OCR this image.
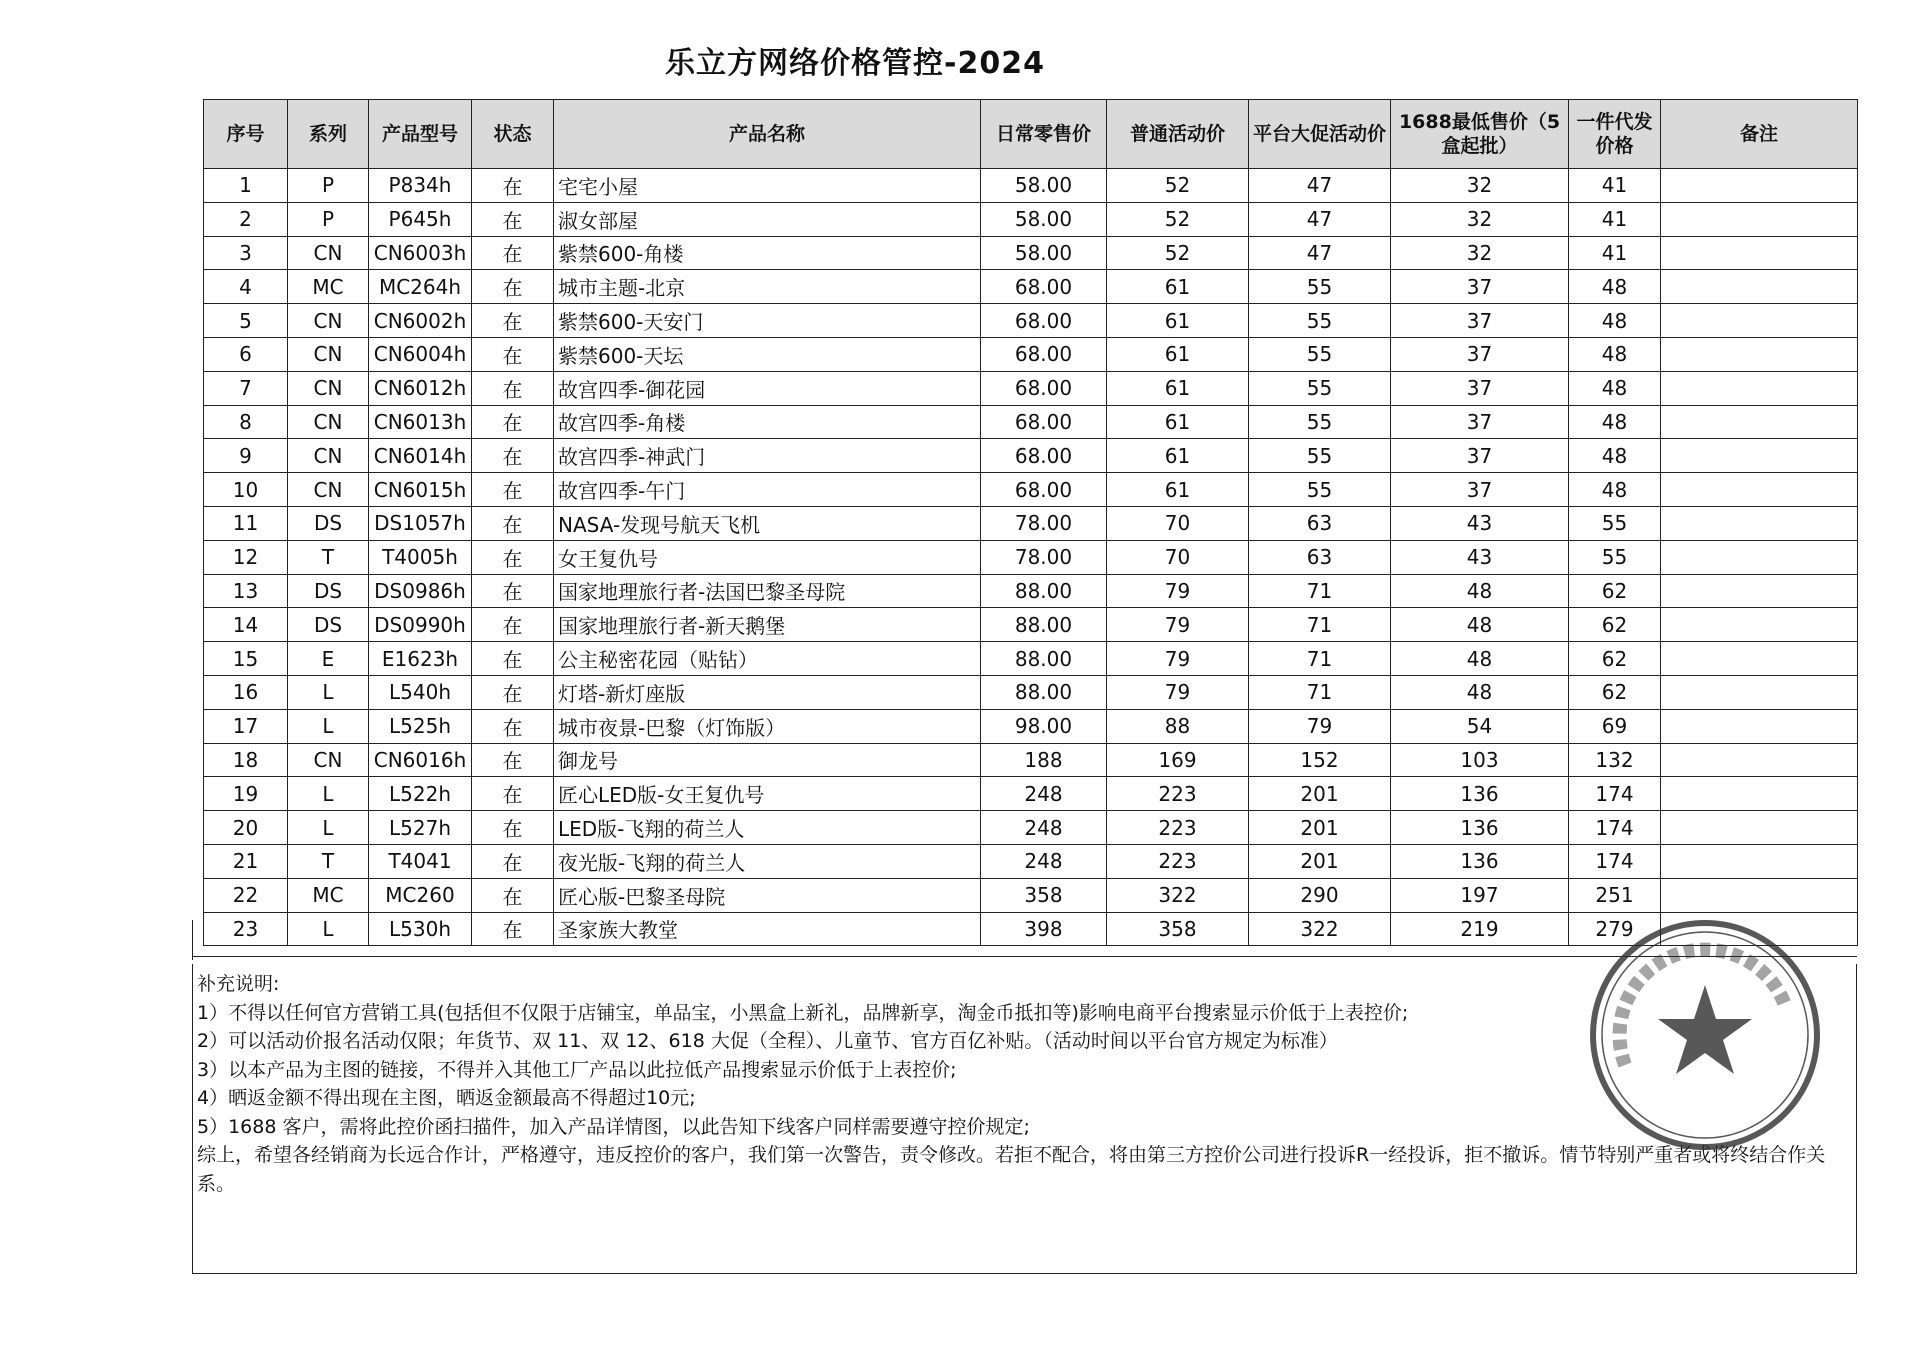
乐立方网络价格管控-2024
序号	系列	产品型号	状态	产品名称	日常零售价	普通活动价	平台大促活动价	1688最低售价（5盒起批）	一件代发价格	备注
1	P	P834h	在	宅宅小屋	58.00	52	47	32	41	
2	P	P645h	在	淑女部屋	58.00	52	47	32	41	
3	CN	CN6003h	在	紫禁600-角楼	58.00	52	47	32	41	
4	MC	MC264h	在	城市主题-北京	68.00	61	55	37	48	
5	CN	CN6002h	在	紫禁600-天安门	68.00	61	55	37	48	
6	CN	CN6004h	在	紫禁600-天坛	68.00	61	55	37	48	
7	CN	CN6012h	在	故宫四季-御花园	68.00	61	55	37	48	
8	CN	CN6013h	在	故宫四季-角楼	68.00	61	55	37	48	
9	CN	CN6014h	在	故宫四季-神武门	68.00	61	55	37	48	
10	CN	CN6015h	在	故宫四季-午门	68.00	61	55	37	48	
11	DS	DS1057h	在	NASA-发现号航天飞机	78.00	70	63	43	55	
12	T	T4005h	在	女王复仇号	78.00	70	63	43	55	
13	DS	DS0986h	在	国家地理旅行者-法国巴黎圣母院	88.00	79	71	48	62	
14	DS	DS0990h	在	国家地理旅行者-新天鹅堡	88.00	79	71	48	62	
15	E	E1623h	在	公主秘密花园（贴钻）	88.00	79	71	48	62	
16	L	L540h	在	灯塔-新灯座版	88.00	79	71	48	62	
17	L	L525h	在	城市夜景-巴黎（灯饰版）	98.00	88	79	54	69	
18	CN	CN6016h	在	御龙号	188	169	152	103	132	
19	L	L522h	在	匠心LED版-女王复仇号	248	223	201	136	174	
20	L	L527h	在	LED版-飞翔的荷兰人	248	223	201	136	174	
21	T	T4041	在	夜光版-飞翔的荷兰人	248	223	201	136	174	
22	MC	MC260	在	匠心版-巴黎圣母院	358	322	290	197	251	
23	L	L530h	在	圣家族大教堂	398	358	322	219	279	
补充说明:
1）不得以任何官方营销工具(包括但不仅限于店铺宝，单品宝，小黑盒上新礼，品牌新享，淘金币抵扣等)影响电商平台搜索显示价低于上表控价;
2）可以活动价报名活动仅限；年货节、双 11、双 12、618 大促（全程）、儿童节、官方百亿补贴。（活动时间以平台官方规定为标准）
3）以本产品为主图的链接，不得并入其他工厂产品以此拉低产品搜索显示价低于上表控价;
4）晒返金额不得出现在主图，晒返金额最高不得超过10元;
5）1688 客户，需将此控价函扫描件，加入产品详情图，以此告知下线客户同样需要遵守控价规定;
综上，希望各经销商为长远合作计，严格遵守，违反控价的客户，我们第一次警告，责令修改。若拒不配合，将由第三方控价公司进行投诉R一经投诉，拒不撤诉。情节特别严重者或将终结合作关系。
